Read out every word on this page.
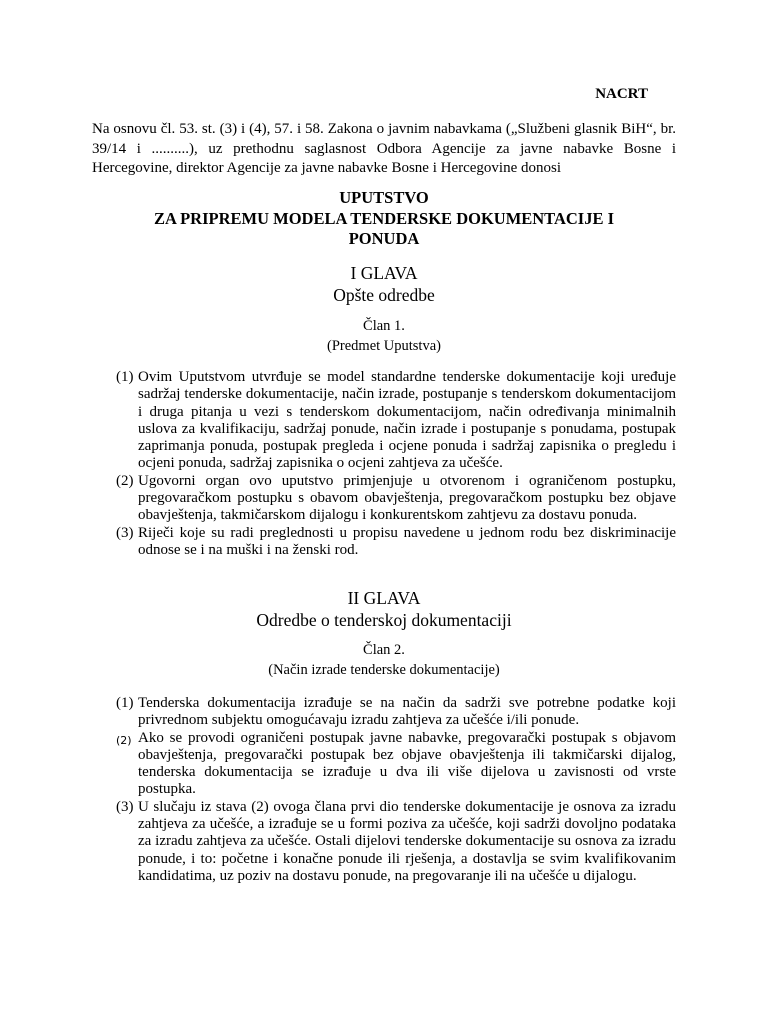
NACRT

Na osnovu čl. 53. st. (3) i (4), 57. i 58. Zakona o javnim nabavkama („Službeni glasnik BiH“, br. 39/14 i ..........), uz prethodnu saglasnost Odbora Agencije za javne nabavke Bosne i Hercegovine, direktor Agencije za javne nabavke Bosne i Hercegovine donosi

UPUTSTVO
ZA PRIPREMU MODELA TENDERSKE DOKUMENTACIJE I
PONUDA
I GLAVA
Opšte odredbe
Član 1.
(Predmet Uputstva)
(1) Ovim Uputstvom utvrđuje se model standardne tenderske dokumentacije koji uređuje sadržaj tenderske dokumentacije, način izrade, postupanje s tenderskom dokumentacijom i druga pitanja u vezi s tenderskom dokumentacijom, način određivanja minimalnih uslova za kvalifikaciju, sadržaj ponude, način izrade i postupanje s ponudama, postupak zaprimanja ponuda, postupak pregleda i ocjene ponuda i sadržaj zapisnika o pregledu i ocjeni ponuda, sadržaj zapisnika o ocjeni zahtjeva za učešće.
(2) Ugovorni organ ovo uputstvo primjenjuje u otvorenom i ograničenom postupku, pregovaračkom postupku s obavom obavještenja, pregovaračkom postupku bez objave obavještenja, takmičarskom dijalogu i konkurentskom zahtjevu za dostavu ponuda.
(3) Riječi koje su radi preglednosti u propisu navedene u jednom rodu bez diskriminacije odnose se i na muški i na ženski rod.
II GLAVA
Odredbe o tenderskoj dokumentaciji
Član 2.
(Način izrade tenderske dokumentacije)
(1) Tenderska dokumentacija izrađuje se na način da sadrži sve potrebne podatke koji privrednom subjektu omogućavaju izradu zahtjeva za učešće i/ili ponude.
(2) Ako se provodi ograničeni postupak javne nabavke, pregovarački postupak s objavom obavještenja, pregovarački postupak bez objave obavještenja ili takmičarski dijalog, tenderska dokumentacija se izrađuje u dva ili više dijelova u zavisnosti od vrste postupka.
(3) U slučaju iz stava (2) ovoga člana prvi dio tenderske dokumentacije je osnova za izradu zahtjeva za učešće, a izrađuje se u formi poziva za učešće, koji sadrži dovoljno podataka za izradu zahtjeva za učešće. Ostali dijelovi tenderske dokumentacije su osnova za izradu ponude, i to: početne i konačne ponude ili rješenja, a dostavlja se svim kvalifikovanim kandidatima, uz poziv na dostavu ponude, na pregovaranje ili na učešće u dijalogu.
